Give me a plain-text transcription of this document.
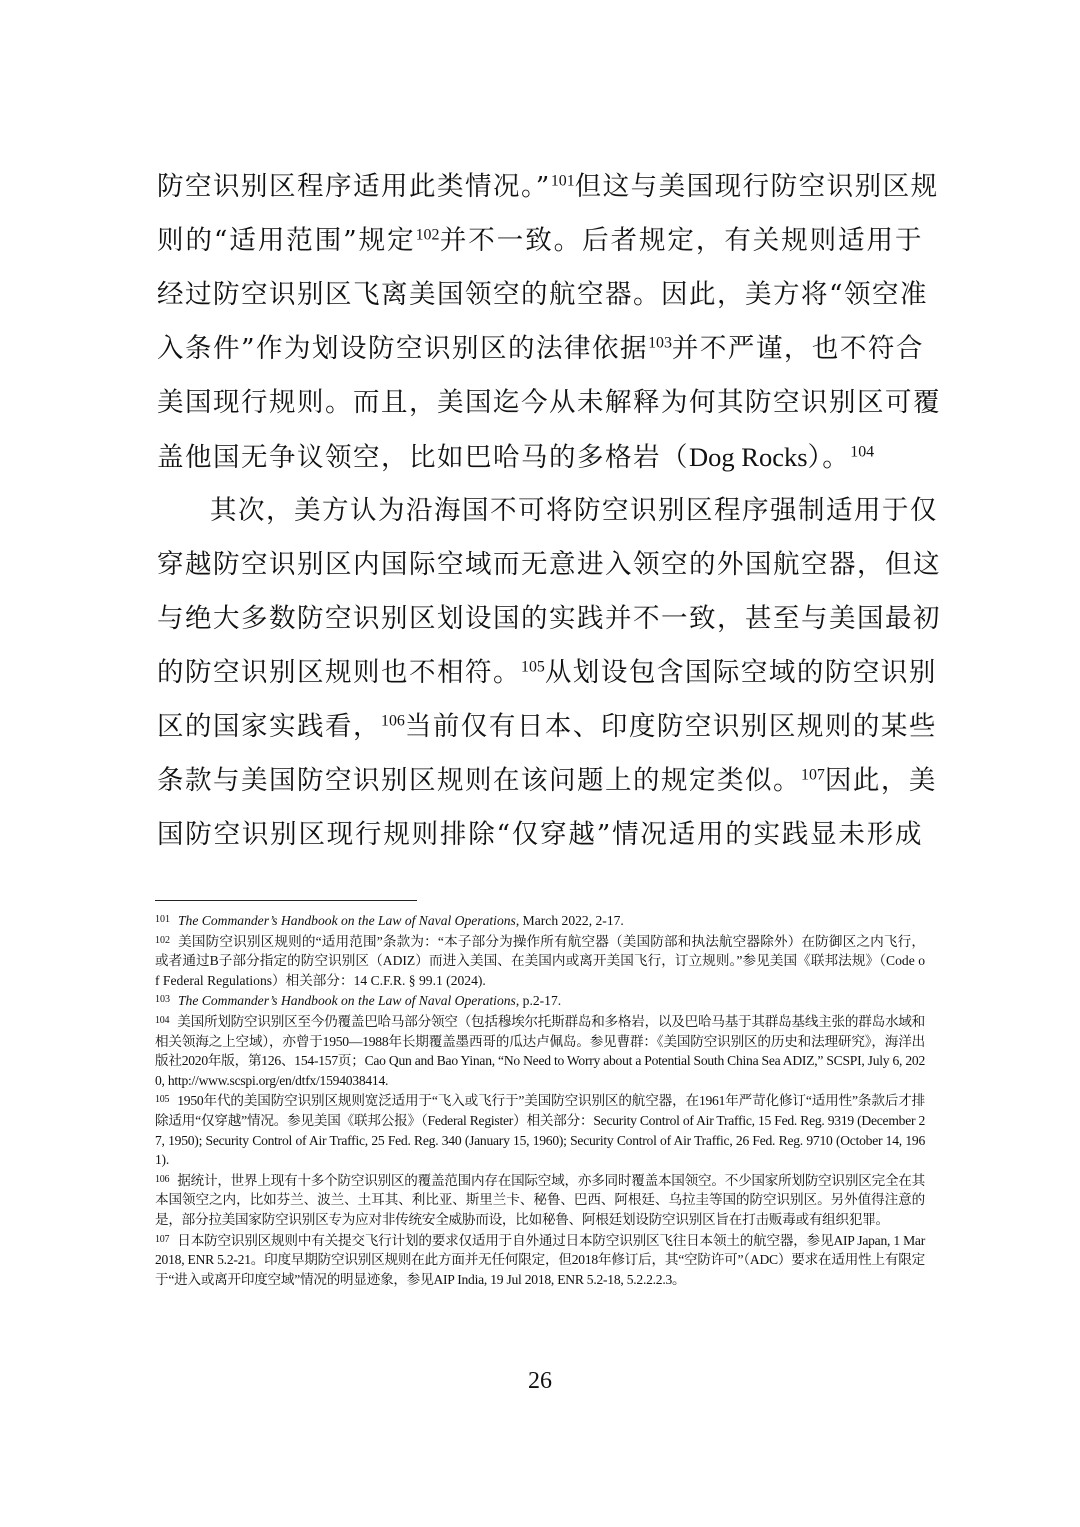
防空识别区程序适用此类情况。”$^{101}$但这与美国现行防空识别区规
则的“适用范围”规定$^{102}$并不一致。后者规定，有关规则适用于
经过防空识别区飞离美国领空的航空器。因此，美方将“领空准
入条件”作为划设防空识别区的法律依据$^{103}$并不严谨，也不符合
美国现行规则。而且，美国迄今从未解释为何其防空识别区可覆
盖他国无争议领空，比如巴哈马的多格岩（Dog Rocks）。$^{104}$
其次，美方认为沿海国不可将防空识别区程序强制适用于仅
穿越防空识别区内国际空域而无意进入领空的外国航空器，但这
与绝大多数防空识别区划设国的实践并不一致，甚至与美国最初
的防空识别区规则也不相符。$^{105}$从划设包含国际空域的防空识别
区的国家实践看，$^{106}$当前仅有日本、印度防空识别区规则的某些
条款与美国防空识别区规则在该问题上的规定类似。$^{107}$因此，美
国防空识别区现行规则排除“仅穿越”情况适用的实践显未形成
$^{101}$ The Commander’s Handbook on the Law of Naval Operations, March 2022, 2-17.
$^{102}$ 美国防空识别区规则的“适用范围”条款为：“本子部分为操作所有航空器（美国防部和执法航空器除外）在防御区之内飞行，或者通过B子部分指定的防空识别区（ADIZ）而进入美国、在美国内或离开美国飞行，订立规则。”参见美国《联邦法规》（Code of Federal Regulations）相关部分：14 C.F.R. § 99.1 (2024).
$^{103}$ The Commander’s Handbook on the Law of Naval Operations, p.2-17.
$^{104}$ 美国所划防空识别区至今仍覆盖巴哈马部分领空（包括穆埃尔托斯群岛和多格岩，以及巴哈马基于其群岛基线主张的群岛水域和相关领海之上空域），亦曾于1950—1988年长期覆盖墨西哥的瓜达卢佩岛。参见曹群：《美国防空识别区的历史和法理研究》，海洋出版社2020年版，第126、154-157页；Cao Qun and Bao Yinan, “No Need to Worry about a Potential South China Sea ADIZ,” SCSPI, July 6, 2020, http://www.scspi.org/en/dtfx/1594038414.
$^{105}$ 1950年代的美国防空识别区规则宽泛适用于“飞入或飞行于”美国防空识别区的航空器，在1961年严苛化修订“适用性”条款后才排除适用“仅穿越”情况。参见美国《联邦公报》（Federal Register）相关部分：Security Control of Air Traffic, 15 Fed. Reg. 9319 (December 27, 1950); Security Control of Air Traffic, 25 Fed. Reg. 340 (January 15, 1960); Security Control of Air Traffic, 26 Fed. Reg. 9710 (October 14, 1961).
$^{106}$ 据统计，世界上现有十多个防空识别区的覆盖范围内存在国际空域，亦多同时覆盖本国领空。不少国家所划防空识别区完全在其本国领空之内，比如芬兰、波兰、土耳其、利比亚、斯里兰卡、秘鲁、巴西、阿根廷、乌拉圭等国的防空识别区。另外值得注意的是，部分拉美国家防空识别区专为应对非传统安全威胁而设，比如秘鲁、阿根廷划设防空识别区旨在打击贩毒或有组织犯罪。
$^{107}$ 日本防空识别区规则中有关提交飞行计划的要求仅适用于自外通过日本防空识别区飞往日本领土的航空器，参见AIP Japan, 1 Mar 2018, ENR 5.2-21。印度早期防空识别区规则在此方面并无任何限定，但2018年修订后，其“空防许可”（ADC）要求在适用性上有限定于“进入或离开印度空域”情况的明显迹象，参见AIP India, 19 Jul 2018, ENR 5.2-18, 5.2.2.2.3。
26
